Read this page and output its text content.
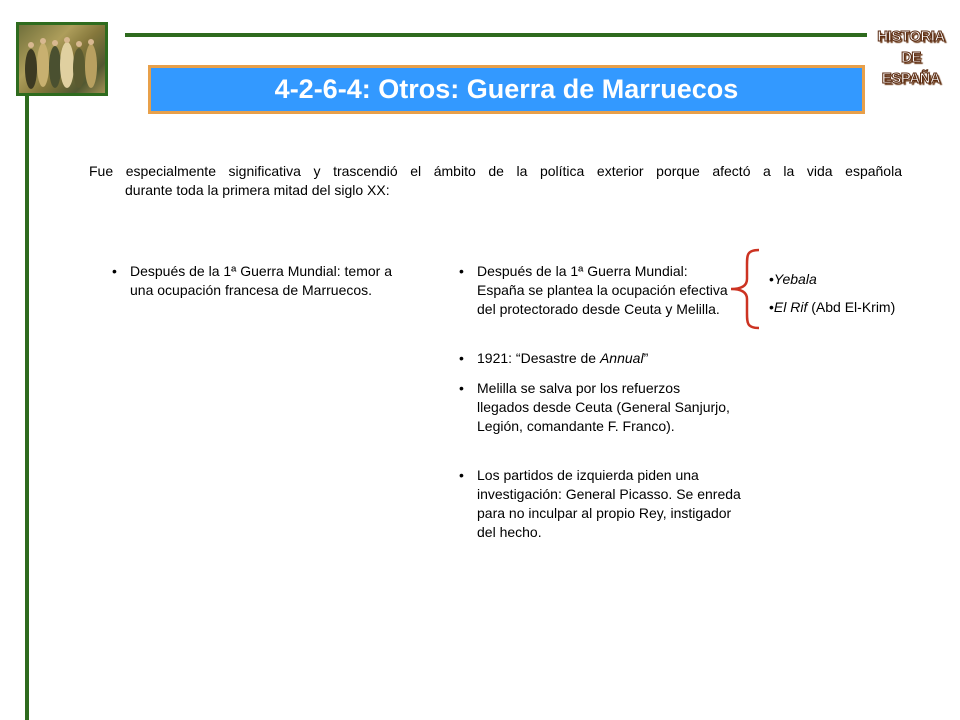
HISTORIA
DE
ESPAÑA
4-2-6-4: Otros: Guerra de Marruecos
Fue especialmente significativa y trascendió el ámbito de la política exterior porque afectó a la vida española
durante toda la primera mitad del siglo XX:
• Después de la 1ª Guerra Mundial: temor a una ocupación francesa de Marruecos.
• Después de la 1ª Guerra Mundial: España se plantea la ocupación efectiva del protectorado desde Ceuta y Melilla.
• 1921: “Desastre de Annual”
• Melilla se salva por los refuerzos llegados desde Ceuta (General Sanjurjo, Legión, comandante F. Franco).
• Los partidos de izquierda piden una investigación: General Picasso. Se enreda para no inculpar al propio Rey, instigador del hecho.
•Yebala
•El Rif (Abd El-Krim)
